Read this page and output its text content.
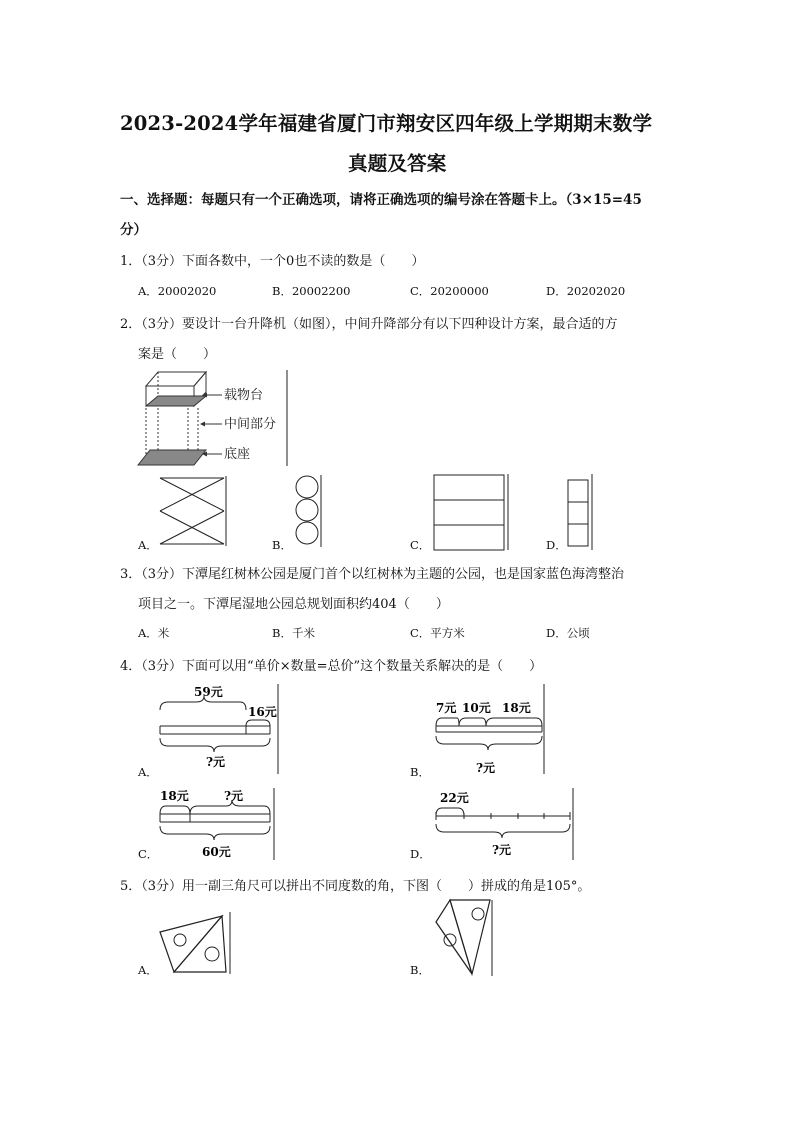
2023-2024学年福建省厦门市翔安区四年级上学期期末数学
真题及答案
一、选择题：每题只有一个正确选项，请将正确选项的编号涂在答题卡上。（3×15=45
分）
1．（3分）下面各数中，一个0也不读的数是（　　）
A．20002020	B．20002200	C．20200000	D．20202020
2．（3分）要设计一台升降机（如图），中间升降部分有以下四种设计方案，最合适的方
案是（　　）
载物台
中间部分
底座
A．	B．	C．	D．
3．（3分）下潭尾红树林公园是厦门首个以红树林为主题的公园，也是国家蓝色海湾整治
项目之一。下潭尾湿地公园总规划面积约404（　　）
A．米	B．千米	C．平方米	D．公顷
4．（3分）下面可以用“单价×数量=总价”这个数量关系解决的是（　　）
59元
16元
?元
A．
7元 10元 18元
?元
B．
18元	?元
60元
C．
22元
?元
D．
5．（3分）用一副三角尺可以拼出不同度数的角，下图（　　）拼成的角是105°。
A．	B．
